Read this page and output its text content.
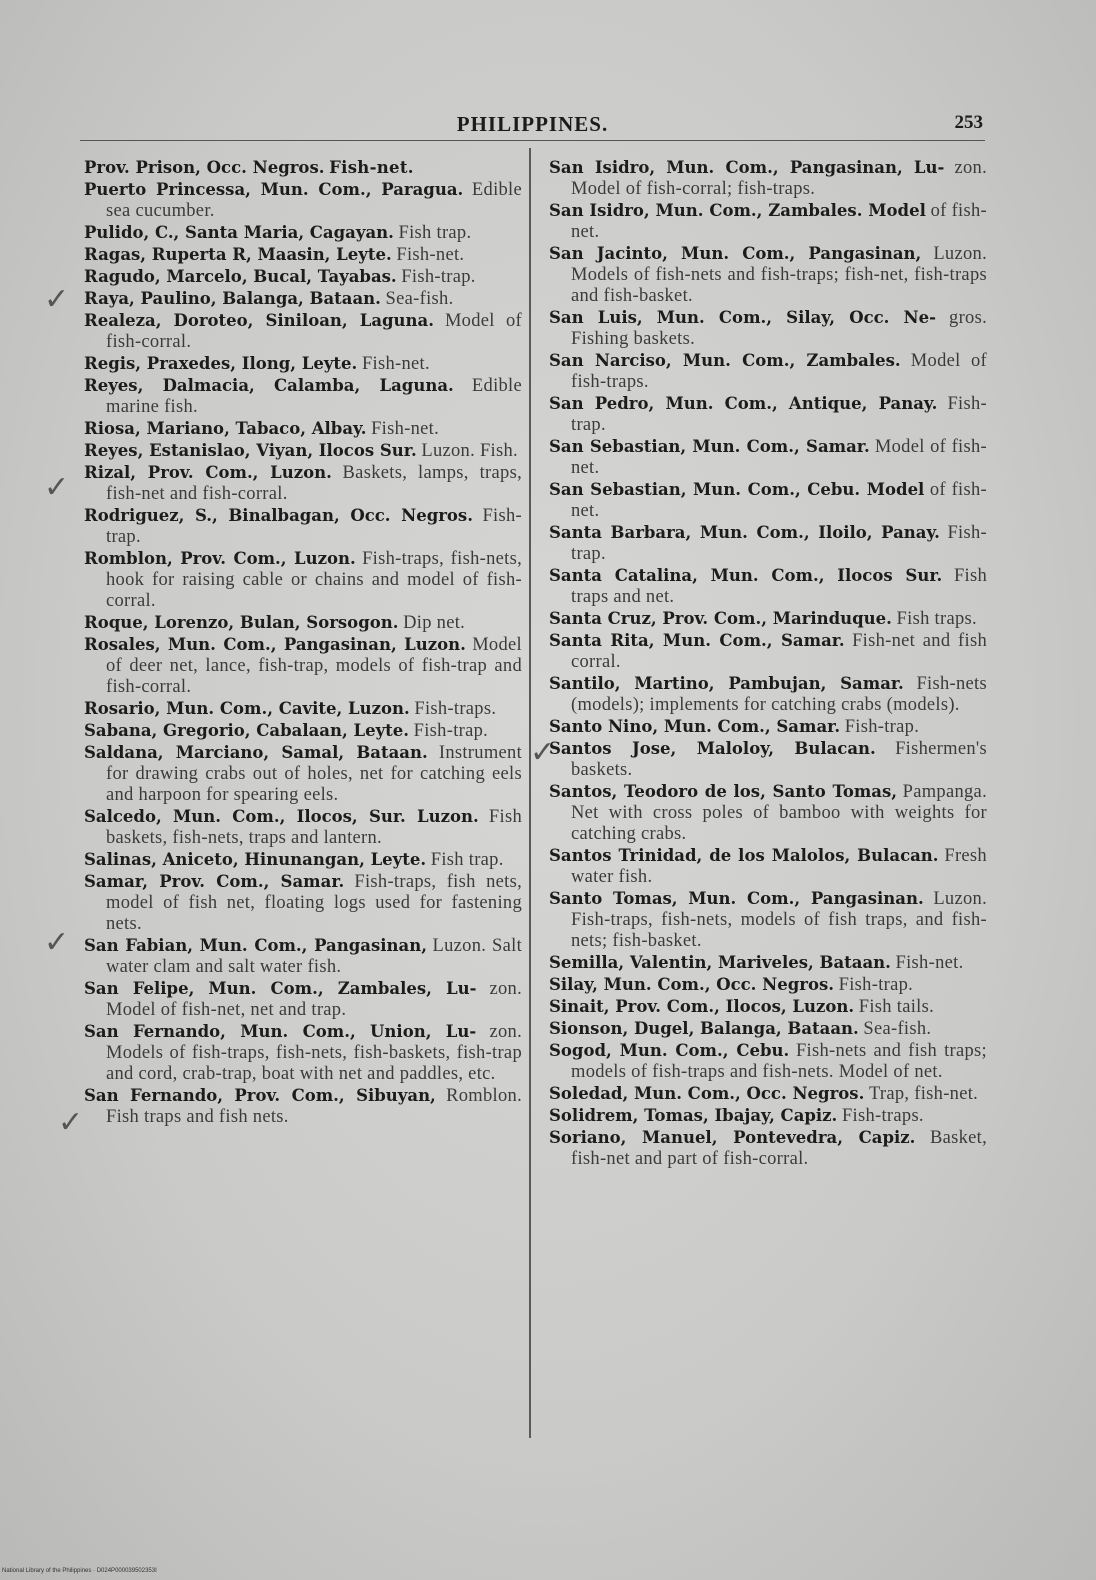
PHILIPPINES.	253
Prov. Prison, Occ. Negros. Fish-net.
Puerto Princessa, Mun. Com., Paragua. Edible sea cucumber.
Pulido, C., Santa Maria, Cagayan. Fish trap.
Ragas, Ruperta R, Maasin, Leyte. Fish-net.
Ragudo, Marcelo, Bucal, Tayabas. Fish-trap.
Raya, Paulino, Balanga, Bataan. Sea-fish.
Realeza, Doroteo, Siniloan, Laguna. Model of fish-corral.
Regis, Praxedes, Ilong, Leyte. Fish-net.
Reyes, Dalmacia, Calamba, Laguna. Edible marine fish.
Riosa, Mariano, Tabaco, Albay. Fish-net.
Reyes, Estanislao, Viyan, Ilocos Sur. Luzon. Fish.
Rizal, Prov. Com., Luzon. Baskets, lamps, traps, fish-net and fish-corral.
Rodriguez, S., Binalbagan, Occ. Negros. Fish-trap.
Romblon, Prov. Com., Luzon. Fish-traps, fish-nets, hook for raising cable or chains and model of fish-corral.
Roque, Lorenzo, Bulan, Sorsogon. Dip net.
Rosales, Mun. Com., Pangasinan, Luzon. Model of deer net, lance, fish-trap, models of fish-trap and fish-corral.
Rosario, Mun. Com., Cavite, Luzon. Fish-traps.
Sabana, Gregorio, Cabalaan, Leyte. Fish-trap.
Saldana, Marciano, Samal, Bataan. Instrument for drawing crabs out of holes, net for catching eels and harpoon for spearing eels.
Salcedo, Mun. Com., Ilocos, Sur. Luzon. Fish baskets, fish-nets, traps and lantern.
Salinas, Aniceto, Hinunangan, Leyte. Fish trap.
Samar, Prov. Com., Samar. Fish-traps, fish nets, model of fish net, floating logs used for fastening nets.
San Fabian, Mun. Com., Pangasinan, Luzon. Salt water clam and salt water fish.
San Felipe, Mun. Com., Zambales, Lu- zon. Model of fish-net, net and trap.
San Fernando, Mun. Com., Union, Lu- zon. Models of fish-traps, fish-nets, fish-baskets, fish-trap and cord, crab-trap, boat with net and paddles, etc.
San Fernando, Prov. Com., Sibuyan, Romblon. Fish traps and fish nets.
San Isidro, Mun. Com., Pangasinan, Lu- zon. Model of fish-corral; fish-traps.
San Isidro, Mun. Com., Zambales. Model of fish-net.
San Jacinto, Mun. Com., Pangasinan, Luzon. Models of fish-nets and fish-traps; fish-net, fish-traps and fish-basket.
San Luis, Mun. Com., Silay, Occ. Ne- gros. Fishing baskets.
San Narciso, Mun. Com., Zambales. Model of fish-traps.
San Pedro, Mun. Com., Antique, Panay. Fish-trap.
San Sebastian, Mun. Com., Samar. Model of fish-net.
San Sebastian, Mun. Com., Cebu. Model of fish-net.
Santa Barbara, Mun. Com., Iloilo, Panay. Fish-trap.
Santa Catalina, Mun. Com., Ilocos Sur. Fish traps and net.
Santa Cruz, Prov. Com., Marinduque. Fish traps.
Santa Rita, Mun. Com., Samar. Fish-net and fish corral.
Santilo, Martino, Pambujan, Samar. Fish-nets (models); implements for catching crabs (models).
Santo Nino, Mun. Com., Samar. Fish-trap.
Santos Jose, Maloloy, Bulacan. Fishermen's baskets.
Santos, Teodoro de los, Santo Tomas, Pampanga. Net with cross poles of bamboo with weights for catching crabs.
Santos Trinidad, de los Malolos, Bulacan. Fresh water fish.
Santo Tomas, Mun. Com., Pangasinan. Luzon. Fish-traps, fish-nets, models of fish traps, and fish-nets; fish-basket.
Semilla, Valentin, Mariveles, Bataan. Fish-net.
Silay, Mun. Com., Occ. Negros. Fish-trap.
Sinait, Prov. Com., Ilocos, Luzon. Fish tails.
Sionson, Dugel, Balanga, Bataan. Sea-fish.
Sogod, Mun. Com., Cebu. Fish-nets and fish traps; models of fish-traps and fish-nets. Model of net.
Soledad, Mun. Com., Occ. Negros. Trap, fish-net.
Solidrem, Tomas, Ibajay, Capiz. Fish-traps.
Soriano, Manuel, Pontevedra, Capiz. Basket, fish-net and part of fish-corral.
✓
✓
✓
✓
✓
National Library of the Philippines · D024P000039502353I
